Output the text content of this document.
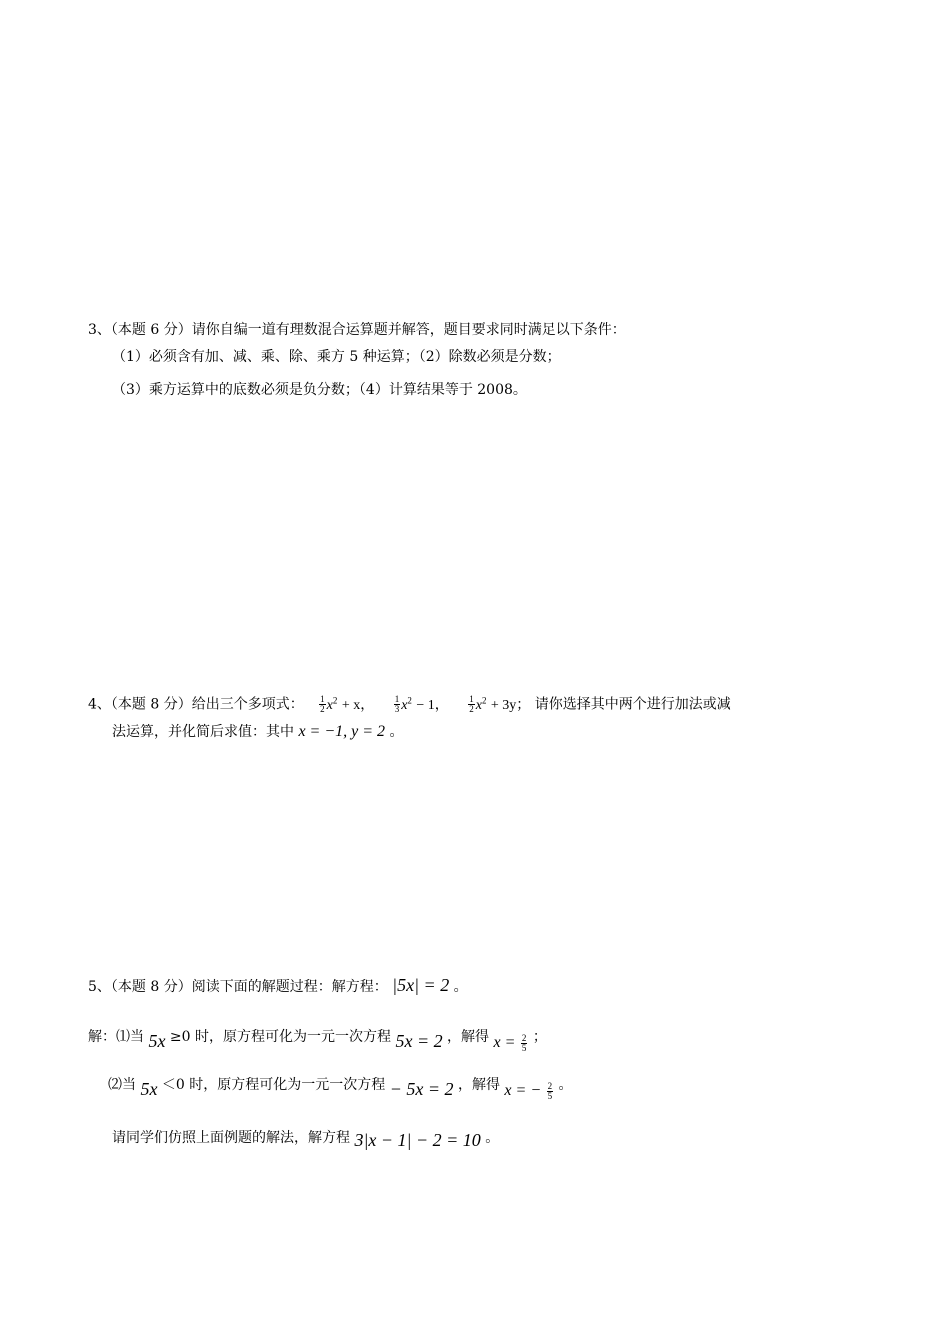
3、（本题 6 分）请你自编一道有理数混合运算题并解答，题目要求同时满足以下条件：
（1）必须含有加、减、乘、除、乘方 5 种运算；（2）除数必须是分数；
（3）乘方运算中的底数必须是负分数；（4）计算结果等于 2008。
4、（本题 8 分）给出三个多项式： $\frac{1}{2} x^2 + x$， $\frac{1}{3} x^2 - 1$， $\frac{1}{2} x^2 + 3y$； 请你选择其中两个进行加法或减
法运算，并化简后求值：其中 x = −1, y = 2 。
5、（本题 8 分）阅读下面的解题过程：解方程： |5x| = 2 。
解：⑴当 5x ≥0 时，原方程可化为一元一次方程 5x = 2 ，解得 $x = \frac{2}{5}$ ；
⑵当 5x ＜0 时，原方程可化为一元一次方程 − 5x = 2 ，解得 x = − $\frac{2}{5}$ 。
请同学们仿照上面例题的解法，解方程 3|x − 1| − 2 = 10 。
